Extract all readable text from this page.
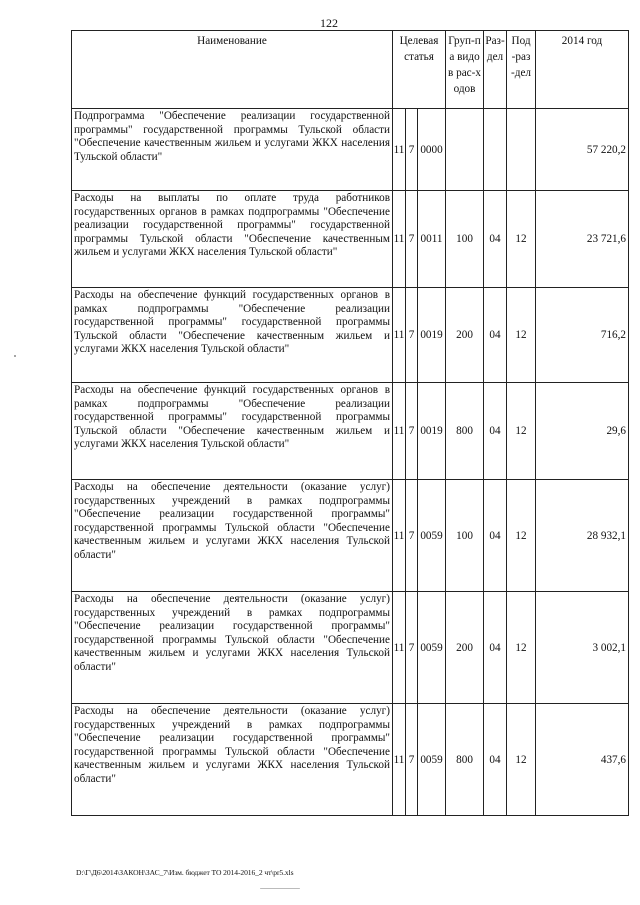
122
Наименование	Целевая статья			Груп-па видов рас-ходов	Раз-дел	Под-раз-дел	2014 год
Подпрограмма "Обеспечение реализации государственной программы" государственной программы Тульской области "Обеспечение качественным жильем и услугами ЖКХ населения Тульской области"	11	7	0000				57 220,2
Расходы на выплаты по оплате труда работников государственных органов в рамках подпрограммы "Обеспечение реализации государственной программы" государственной программы Тульской области "Обеспечение качественным жильем и услугами ЖКХ населения Тульской области"	11	7	0011	100	04	12	23 721,6
Расходы на обеспечение функций государственных органов в рамках подпрограммы "Обеспечение реализации государственной программы" государственной программы Тульской области "Обеспечение качественным жильем и услугами ЖКХ населения Тульской области"	11	7	0019	200	04	12	716,2
Расходы на обеспечение функций государственных органов в рамках подпрограммы "Обеспечение реализации государственной программы" государственной программы Тульской области "Обеспечение качественным жильем и услугами ЖКХ населения Тульской области"	11	7	0019	800	04	12	29,6
Расходы на обеспечение деятельности (оказание услуг) государственных учреждений в рамках подпрограммы "Обеспечение реализации государственной программы" государственной программы Тульской области "Обеспечение качественным жильем и услугами ЖКХ населения Тульской области"	11	7	0059	100	04	12	28 932,1
Расходы на обеспечение деятельности (оказание услуг) государственных учреждений в рамках подпрограммы "Обеспечение реализации государственной программы" государственной программы Тульской области "Обеспечение качественным жильем и услугами ЖКХ населения Тульской области"	11	7	0059	200	04	12	3 002,1
Расходы на обеспечение деятельности (оказание услуг) государственных учреждений в рамках подпрограммы "Обеспечение реализации государственной программы" государственной программы Тульской области "Обеспечение качественным жильем и услугами ЖКХ населения Тульской области"	11	7	0059	800	04	12	437,6
D:\Г\Д6\2014\ЗАКОН\ЗАС_7\Изм. бюджет ТО 2014-2016_2 чт\pr5.xls
